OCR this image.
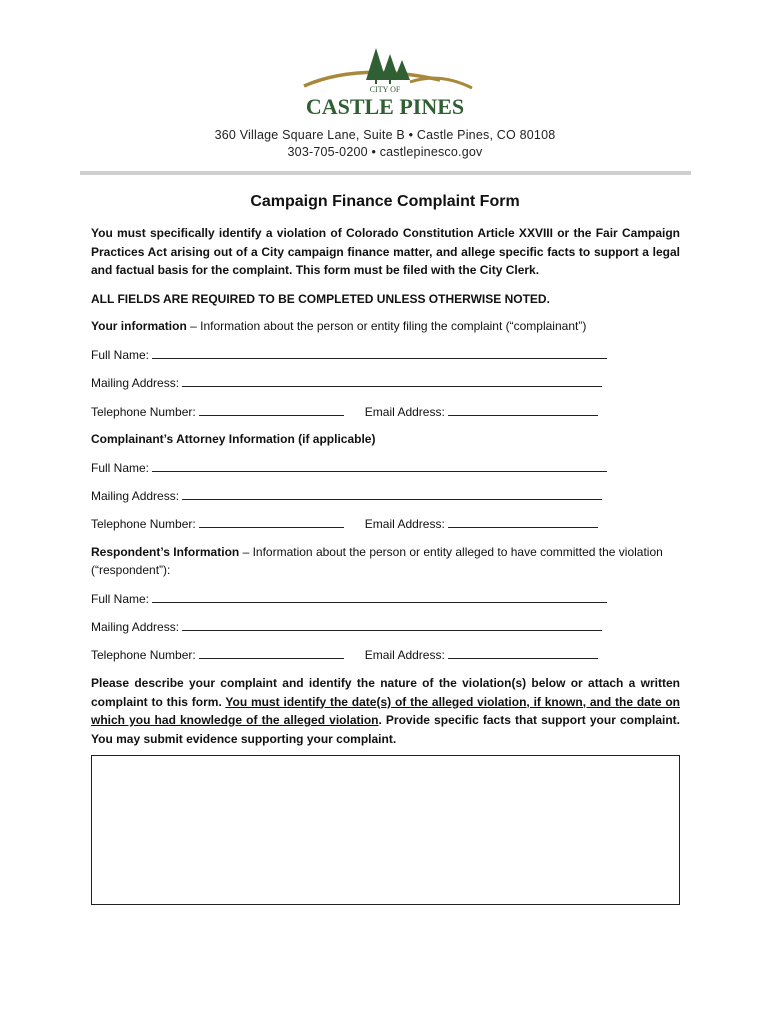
CITY OF
CASTLE PINES
360 Village Square Lane, Suite B • Castle Pines, CO 80108
303-705-0200 • castlepinesco.gov
Campaign Finance Complaint Form
You must specifically identify a violation of Colorado Constitution Article XXVIII or the Fair Campaign Practices Act arising out of a City campaign finance matter, and allege specific facts to support a legal and factual basis for the complaint. This form must be filed with the City Clerk.
ALL FIELDS ARE REQUIRED TO BE COMPLETED UNLESS OTHERWISE NOTED.
Your information – Information about the person or entity filing the complaint (“complainant”)
Full Name:
Mailing Address:
Telephone Number:	Email Address:
Complainant’s Attorney Information (if applicable)
Full Name:
Mailing Address:
Telephone Number:	Email Address:
Respondent’s Information – Information about the person or entity alleged to have committed the violation
(“respondent”):
Full Name:
Mailing Address:
Telephone Number:	Email Address:
Please describe your complaint and identify the nature of the violation(s) below or attach a written complaint to this form. You must identify the date(s) of the alleged violation, if known, and the date on which you had knowledge of the alleged violation. Provide specific facts that support your complaint. You may submit evidence supporting your complaint.
